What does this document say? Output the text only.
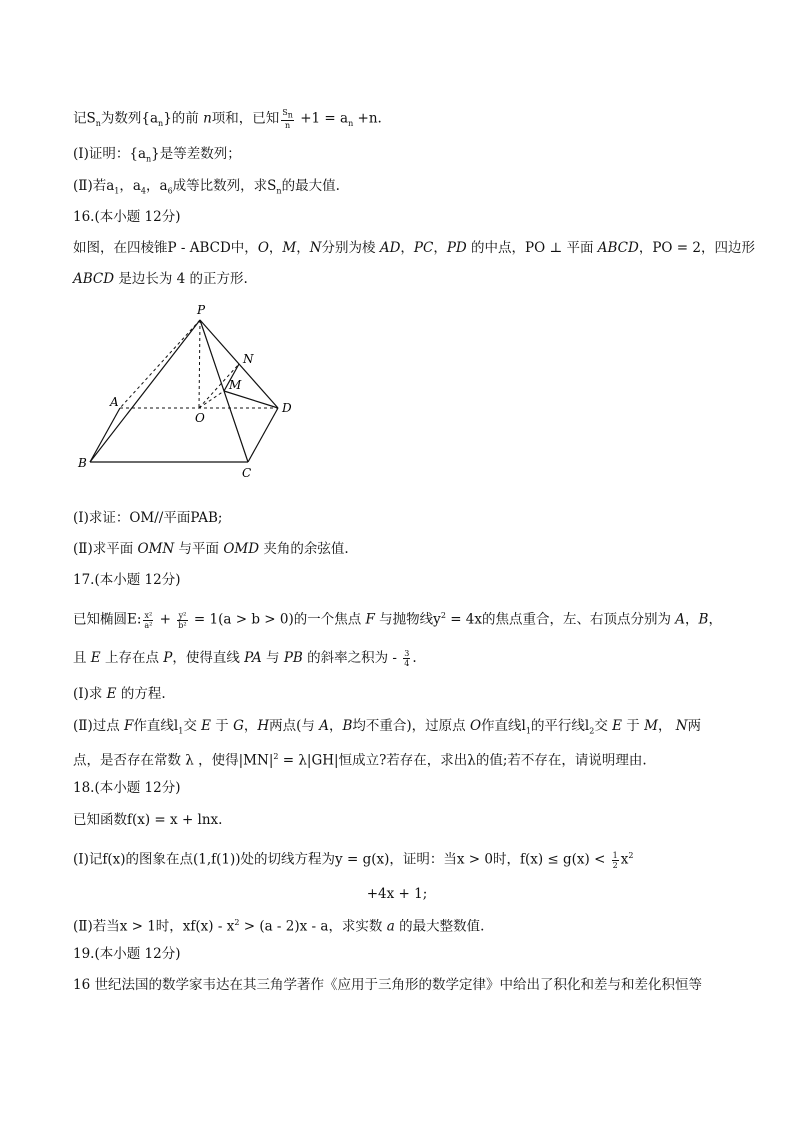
记$S_n$为数列$\{a_n\}$的前 n项和，已知 $\frac{S_n}{n} +1 = a_n +n$.
(Ⅰ)证明：$\{a_n\}$是等差数列；
(Ⅱ)若$a_1$，$a_4$，$a_6$成等比数列，求$S_n$的最大值.
16.(本小题 12分)
如图，在四棱锥P - ABCD中，O，M，N分别为棱 AD，PC，PD 的中点，PO ⊥ 平面 ABCD，PO = 2，四边形
ABCD 是边长为 4 的正方形.
P
N
M
A
O
D
B
C
(Ⅰ)求证：OM//平面PAB;
(Ⅱ)求平面 OMN 与平面 OMD 夹角的余弦值.
17.(本小题 12分)
已知椭圆E: $\frac{\text{x²}}{\text{a²}} + \frac{\text{y²}}{\text{b²}} = 1(a > b > 0)$的一个焦点 F 与抛物线$y^2 = 4x$的焦点重合，左、右顶点分别为 A，B，
且 E 上存在点 P，使得直线 PA 与 PB 的斜率之积为 - $\frac{3}{4}$ .
(Ⅰ)求 E 的方程.
(Ⅱ)过点 F作直线$l_1$交 E 于 G，H两点(与 A，B均不重合)，过原点 O作直线$l_1$的平行线$l_2$交 E 于 M， N两
点，是否存在常数 λ ，使得$|MN|^2 = \lambda|GH|$恒成立?若存在，求出λ的值;若不存在，请说明理由.
18.(本小题 12分)
已知函数f(x) = x + lnx.
(Ⅰ)记f(x)的图象在点(1,f(1))处的切线方程为y = g(x)，证明：当x > 0时，$f(x) \le g(x) < \frac{1}{2} x^2$
+4x + 1;
(Ⅱ)若当x > 1时，$xf(x) - x^2 > (a - 2)x - a$，求实数 a 的最大整数值.
19.(本小题 12分)
16 世纪法国的数学家韦达在其三角学著作《应用于三角形的数学定律》中给出了积化和差与和差化积恒等
